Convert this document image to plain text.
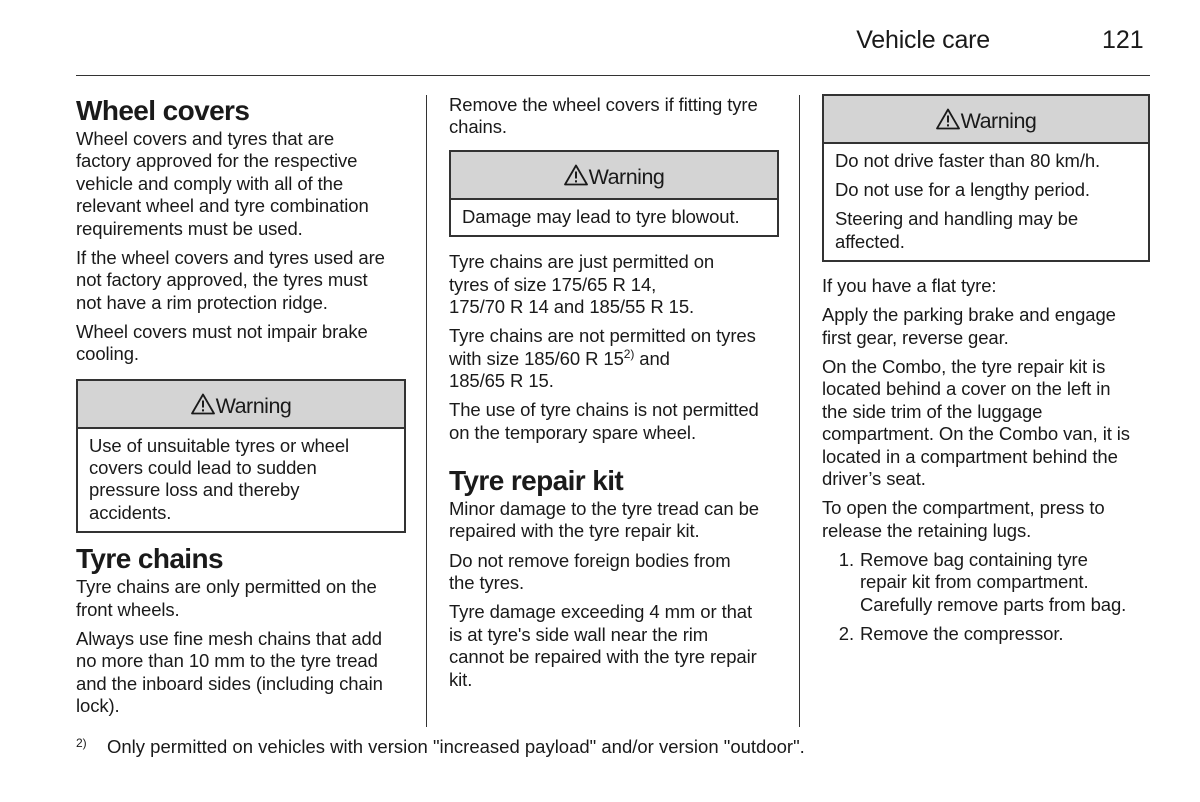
Vehicle care	121
Wheel covers

Wheel covers and tyres that are
factory approved for the respective
vehicle and comply with all of the
relevant wheel and tyre combination
requirements must be used.

If the wheel covers and tyres used are
not factory approved, the tyres must
not have a rim protection ridge.

Wheel covers must not impair brake
cooling.

Warning

Use of unsuitable tyres or wheel
covers could lead to sudden
pressure loss and thereby
accidents.

Tyre chains

Tyre chains are only permitted on the
front wheels.

Always use fine mesh chains that add
no more than 10 mm to the tyre tread
and the inboard sides (including chain
lock).

Remove the wheel covers if fitting tyre
chains.

Warning

Damage may lead to tyre blowout.

Tyre chains are just permitted on
tyres of size 175/65 R 14,
175/70 R 14 and 185/55 R 15.

Tyre chains are not permitted on tyres
with size 185/60 R 15$^{2)}$ and
185/65 R 15.

The use of tyre chains is not permitted
on the temporary spare wheel.

Tyre repair kit

Minor damage to the tyre tread can be
repaired with the tyre repair kit.

Do not remove foreign bodies from
the tyres.

Tyre damage exceeding 4 mm or that
is at tyre's side wall near the rim
cannot be repaired with the tyre repair
kit.

Warning

Do not drive faster than 80 km/h.

Do not use for a lengthy period.

Steering and handling may be
affected.

If you have a flat tyre:

Apply the parking brake and engage
first gear, reverse gear.

On the Combo, the tyre repair kit is
located behind a cover on the left in
the side trim of the luggage
compartment. On the Combo van, it is
located in a compartment behind the
driver’s seat.

To open the compartment, press to
release the retaining lugs.

1. Remove bag containing tyre
repair kit from compartment.
Carefully remove parts from bag.
2. Remove the compressor.
$^{2)}$ Only permitted on vehicles with version "increased payload" and/or version "outdoor".
